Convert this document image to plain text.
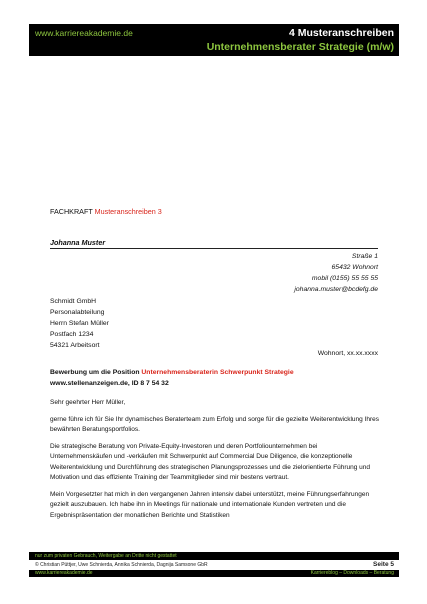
www.karriereakademie.de	4 Musteranschreiben
Unternehmensberater Strategie (m/w)
FACHKRAFT Musteranschreiben 3
Johanna Muster
Straße 1
65432 Wohnort
mobil (0155) 55 55 55
johanna.muster@bcdefg.de
Schmidt GmbH
Personalabteilung
Herrn Stefan Müller
Postfach 1234
54321 Arbeitsort
Wohnort, xx.xx.xxxx
Bewerbung um die Position Unternehmensberaterin Schwerpunkt Strategie
www.stellenanzeigen.de, ID 8 7 54 32

Sehr geehrter Herr Müller,

gerne führe ich für Sie Ihr dynamisches Beraterteam zum Erfolg und sorge für die gezielte Weiterentwicklung Ihres bewährten Beratungsportfolios.

Die strategische Beratung von Private-Equity-Investoren und deren Portfoliounternehmen bei Unternehmenskäufen und -verkäufen mit Schwerpunkt auf Commercial Due Diligence, die konzeptionelle Weiterentwicklung und Durchführung des strategischen Planungsprozesses und die zielorientierte Führung und Motivation und das effiziente Training der Teammitglieder sind mir bestens vertraut.

Mein Vorgesetzter hat mich in den vergangenen Jahren intensiv dabei unterstützt, meine Führungserfahrungen gezielt auszubauen. Ich habe ihn in Meetings für nationale und internationale Kunden vertreten und die Ergebnispräsentation der monatlichen Berichte und Statistiken

nur zum privaten Gebrauch, Weitergabe an Dritte nicht gestattet
© Christian Püttjer, Uwe Schnierda, Annika Schnierda, Dagnija Samsone GbR	Seite 5
www.karriereakademie.de	Karriereblog – Downloads – Beratung
